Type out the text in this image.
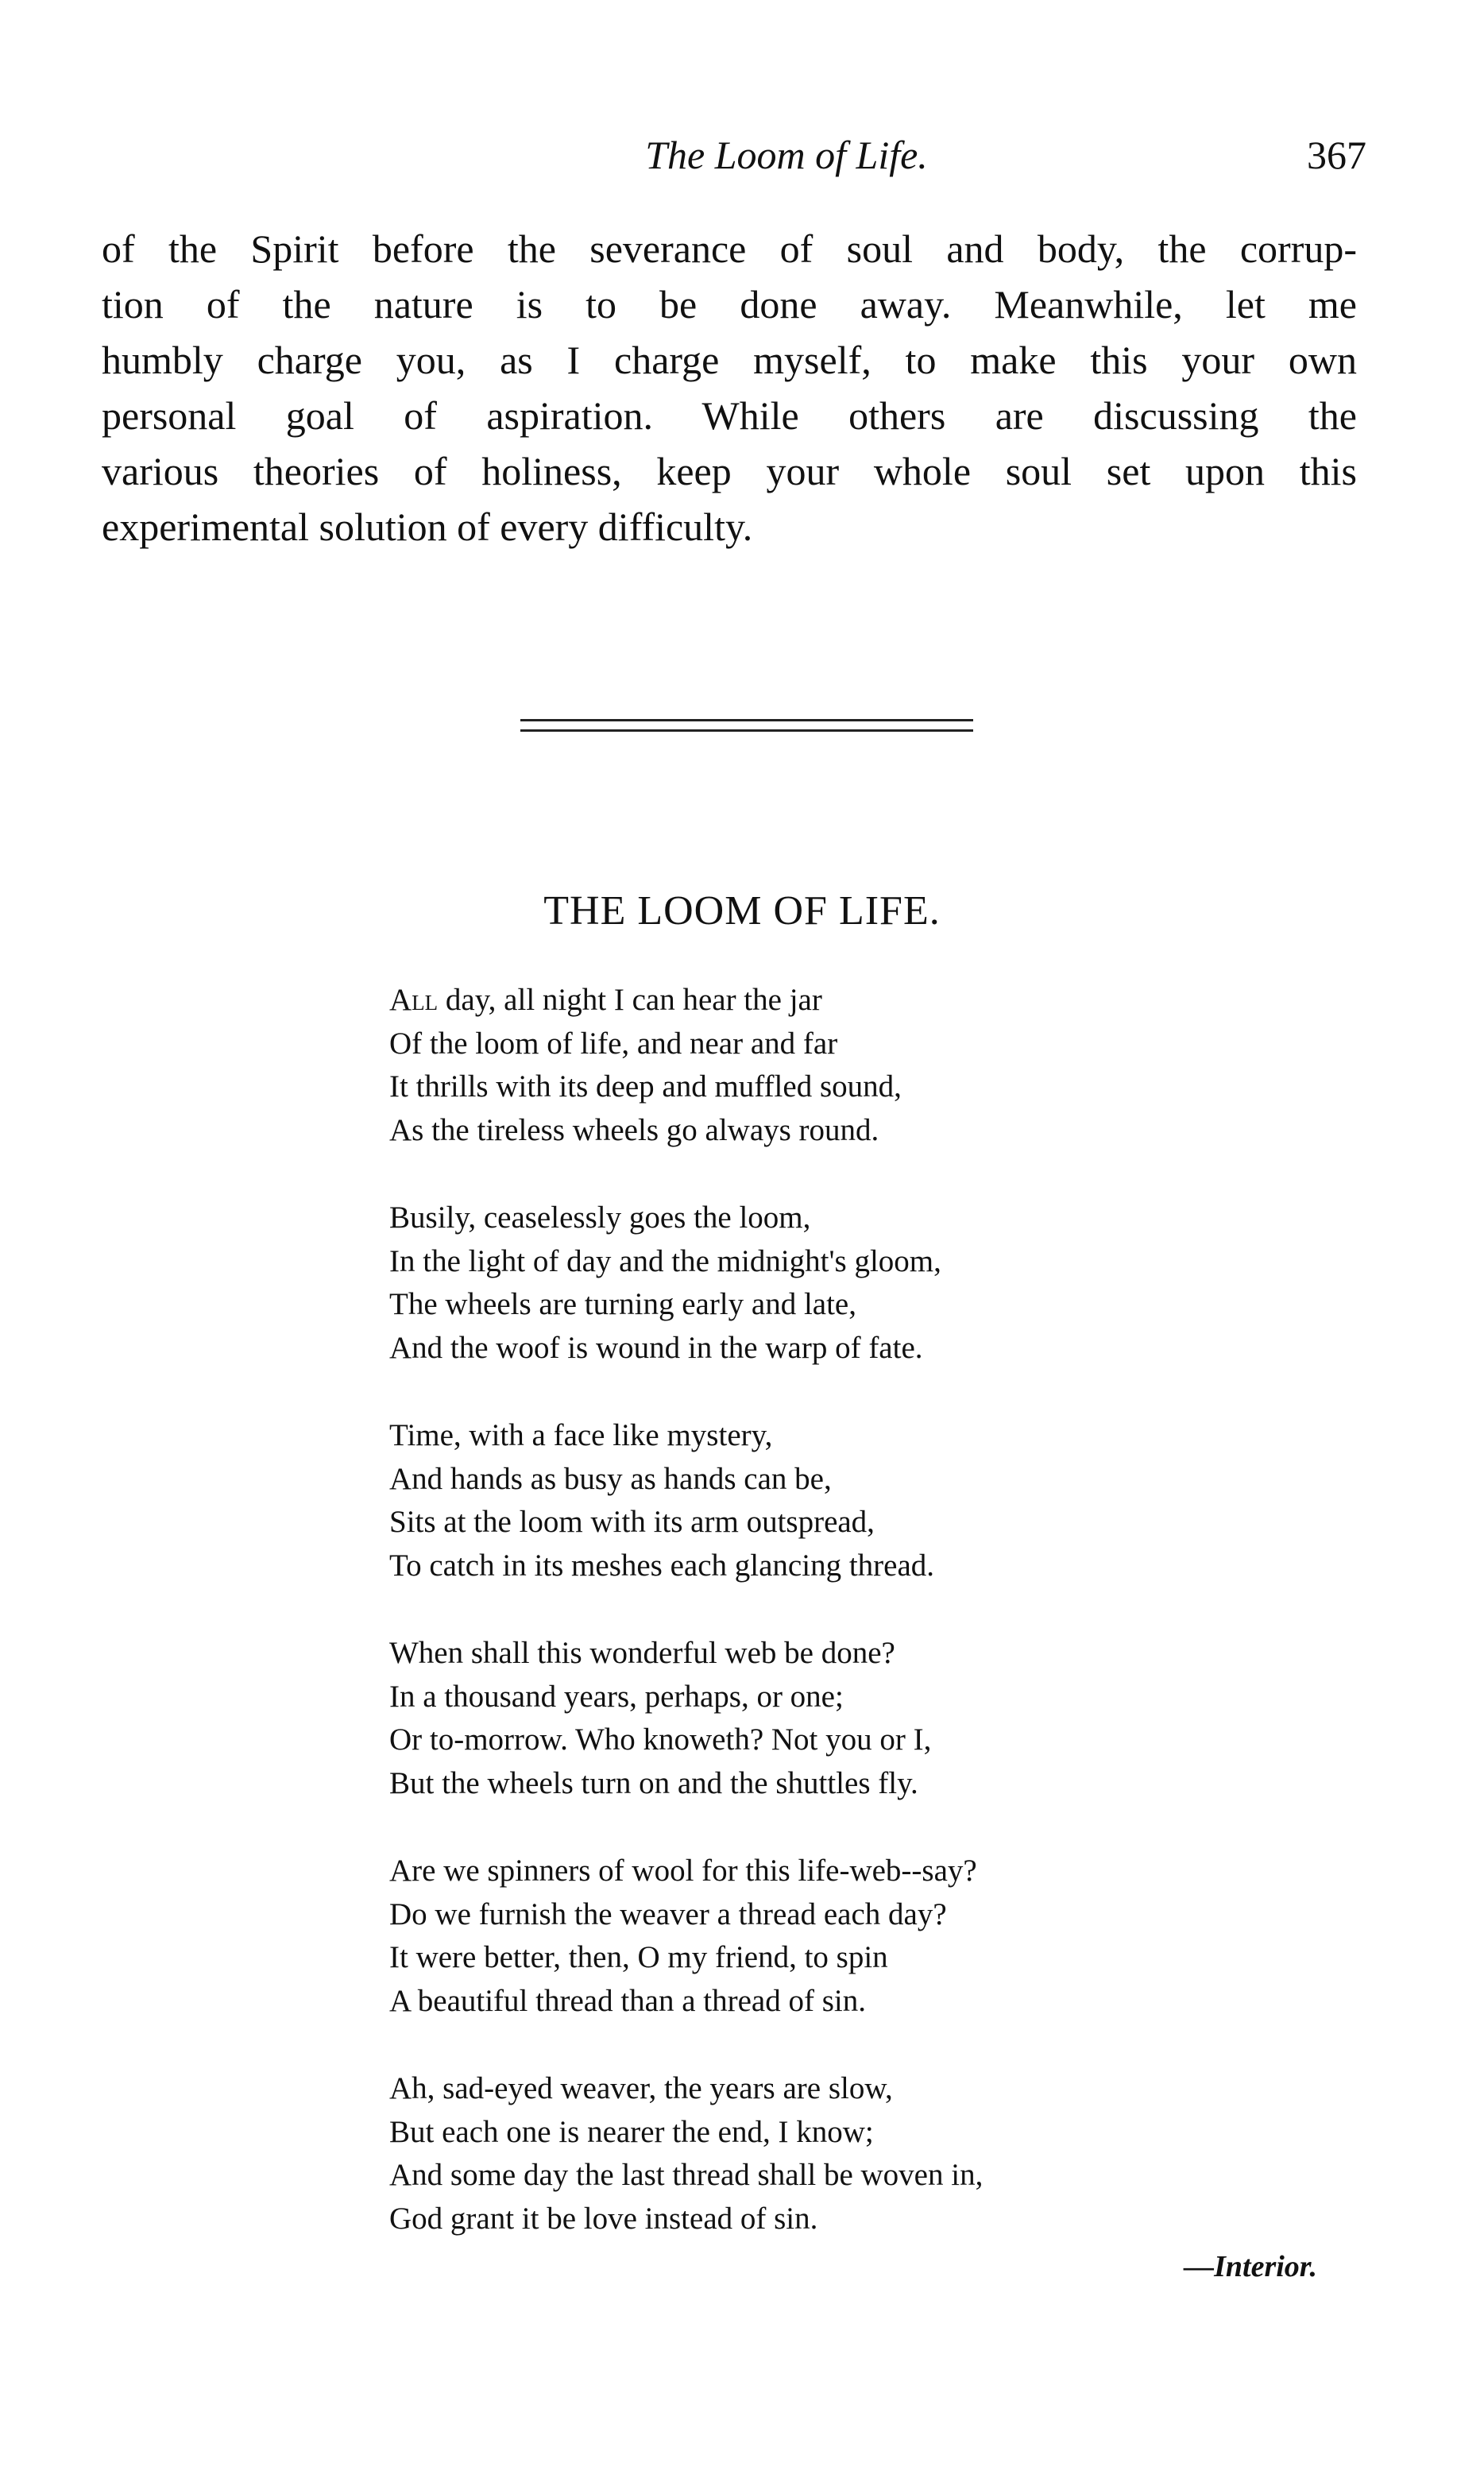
The Loom of Life.	367
of the Spirit before the severance of soul and body, the corrup-
tion of the nature is to be done away. Meanwhile, let me
humbly charge you, as I charge myself, to make this your own
personal goal of aspiration. While others are discussing the
various theories of holiness, keep your whole soul set upon this
experimental solution of every difficulty.
THE LOOM OF LIFE.
All day, all night I can hear the jar
Of the loom of life, and near and far
It thrills with its deep and muffled sound,
As the tireless wheels go always round.
Busily, ceaselessly goes the loom,
In the light of day and the midnight's gloom,
The wheels are turning early and late,
And the woof is wound in the warp of fate.
Time, with a face like mystery,
And hands as busy as hands can be,
Sits at the loom with its arm outspread,
To catch in its meshes each glancing thread.
When shall this wonderful web be done?
In a thousand years, perhaps, or one;
Or to-morrow. Who knoweth? Not you or I,
But the wheels turn on and the shuttles fly.
Are we spinners of wool for this life-web--say?
Do we furnish the weaver a thread each day?
It were better, then, O my friend, to spin
A beautiful thread than a thread of sin.
Ah, sad-eyed weaver, the years are slow,
But each one is nearer the end, I know;
And some day the last thread shall be woven in,
God grant it be love instead of sin.
—Interior.
